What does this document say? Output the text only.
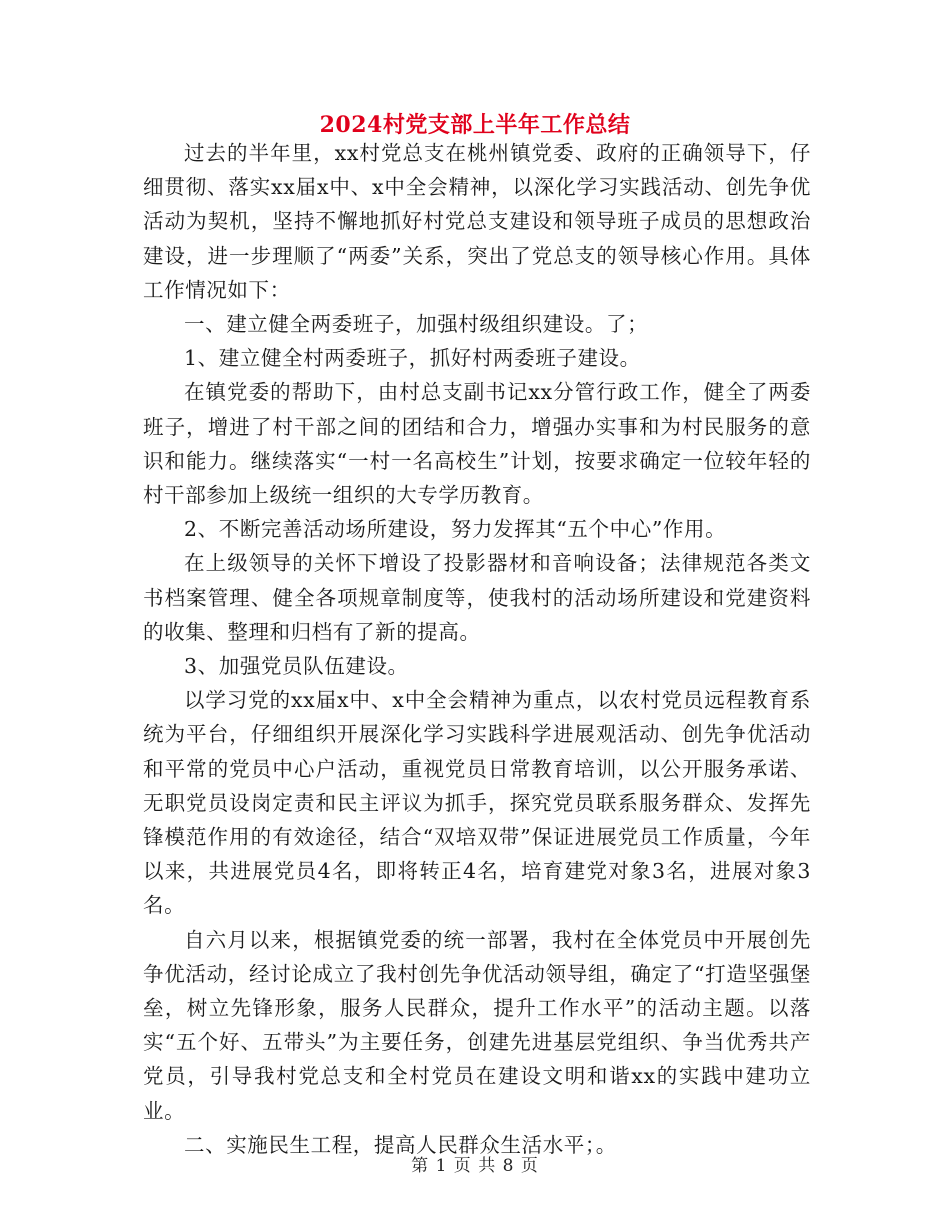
2024村党支部上半年工作总结

过去的半年里，xx村党总支在桃州镇党委、政府的正确领导下，仔细贯彻、落实xx届x中、x中全会精神，以深化学习实践活动、创先争优活动为契机，坚持不懈地抓好村党总支建设和领导班子成员的思想政治建设，进一步理顺了“两委”关系，突出了党总支的领导核心作用。具体工作情况如下：

一、建立健全两委班子，加强村级组织建设。了；

1、建立健全村两委班子，抓好村两委班子建设。

在镇党委的帮助下，由村总支副书记xx分管行政工作，健全了两委班子，增进了村干部之间的团结和合力，增强办实事和为村民服务的意识和能力。继续落实“一村一名高校生”计划，按要求确定一位较年轻的村干部参加上级统一组织的大专学历教育。

2、不断完善活动场所建设，努力发挥其“五个中心”作用。

在上级领导的关怀下增设了投影器材和音响设备；法律规范各类文书档案管理、健全各项规章制度等，使我村的活动场所建设和党建资料的收集、整理和归档有了新的提高。

3、加强党员队伍建设。

以学习党的xx届x中、x中全会精神为重点，以农村党员远程教育系统为平台，仔细组织开展深化学习实践科学进展观活动、创先争优活动和平常的党员中心户活动，重视党员日常教育培训，以公开服务承诺、无职党员设岗定责和民主评议为抓手，探究党员联系服务群众、发挥先锋模范作用的有效途径，结合“双培双带”保证进展党员工作质量，今年以来，共进展党员4名，即将转正4名，培育建党对象3名，进展对象3名。

自六月以来，根据镇党委的统一部署，我村在全体党员中开展创先争优活动，经讨论成立了我村创先争优活动领导组，确定了“打造坚强堡垒，树立先锋形象，服务人民群众，提升工作水平”的活动主题。以落实“五个好、五带头”为主要任务，创建先进基层党组织、争当优秀共产党员，引导我村党总支和全村党员在建设文明和谐xx的实践中建功立业。

二、实施民生工程，提高人民群众生活水平；。

第 1 页 共 8 页
